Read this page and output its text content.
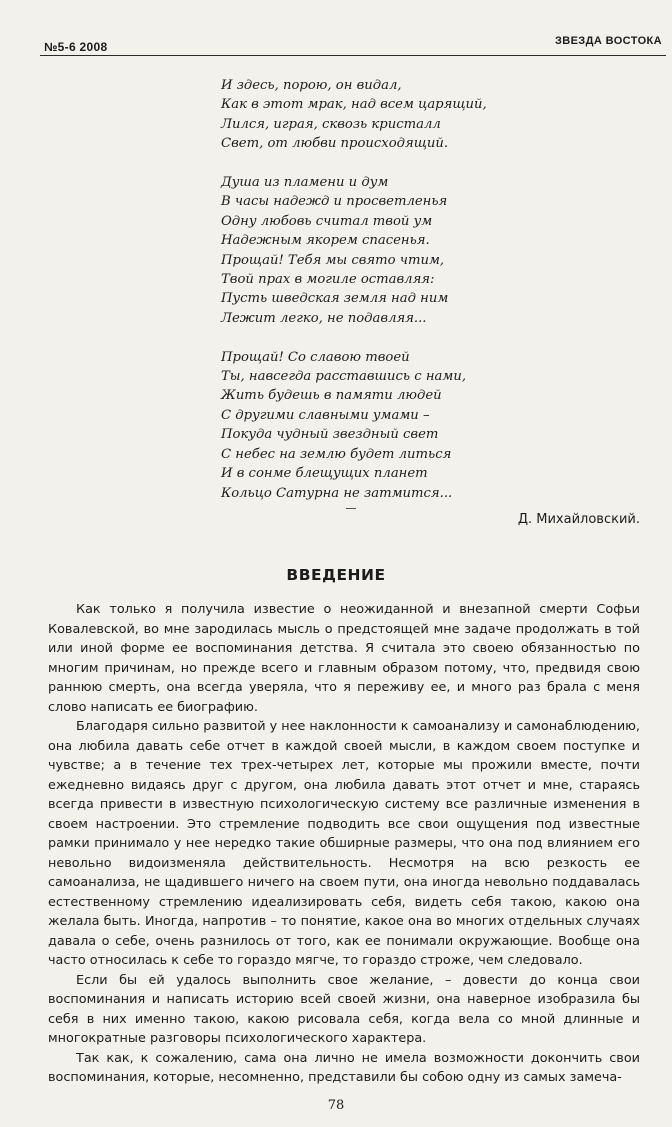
№5-6 2008	ЗВЕЗДА ВОСТОКА
И здесь, порою, он видал,
Как в этот мрак, над всем царящий,
Лился, играя, сквозь кристалл
Свет, от любви происходящий.
Душа из пламени и дум
В часы надежд и просветленья
Одну любовь считал твой ум
Надежным якорем спасенья.
Прощай! Тебя мы свято чтим,
Твой прах в могиле оставляя:
Пусть шведская земля над ним
Лежит легко, не подавляя...
Прощай! Со славою твоей
Ты, навсегда расставшись с нами,
Жить будешь в памяти людей
С другими славными умами –
Покуда чудный звездный свет
С небес на землю будет литься
И в сонме блещущих планет
Кольцо Сатурна не затмится...
Д. Михайловский.
ВВЕДЕНИЕ

Как только я получила известие о неожиданной и внезапной смерти Софьи Ковалевской, во мне зародилась мысль о предстоящей мне задаче продолжать в той или иной форме ее воспоминания детства. Я считала это своею обязанностью по многим причинам, но прежде всего и главным образом потому, что, предвидя свою раннюю смерть, она всегда уверяла, что я переживу ее, и много раз брала с меня слово написать ее биографию.

Благодаря сильно развитой у нее наклонности к самоанализу и самонаблюдению, она любила давать себе отчет в каждой своей мысли, в каждом своем поступке и чувстве; а в течение тех трех-четырех лет, которые мы прожили вместе, почти ежедневно видаясь друг с другом, она любила давать этот отчет и мне, стараясь всегда привести в известную психологическую систему все различные изменения в своем настроении. Это стремление подводить все свои ощущения под известные рамки принимало у нее нередко такие обширные размеры, что она под влиянием его невольно видоизменяла действительность. Несмотря на всю резкость ее самоанализа, не щадившего ничего на своем пути, она иногда невольно поддавалась естественному стремлению идеализировать себя, видеть себя такою, какою она желала быть. Иногда, напротив – то понятие, какое она во многих отдельных случаях давала о себе, очень разнилось от того, как ее понимали окружающие. Вообще она часто относилась к себе то гораздо мягче, то гораздо строже, чем следовало.

Если бы ей удалось выполнить свое желание, – довести до конца свои воспоминания и написать историю всей своей жизни, она наверное изобразила бы себя в них именно такою, какою рисовала себя, когда вела со мной длинные и многократные разговоры психологического характера.

Так как, к сожалению, сама она лично не имела возможности докончить свои воспоминания, которые, несомненно, представили бы собою одну из самых замеча-

78
